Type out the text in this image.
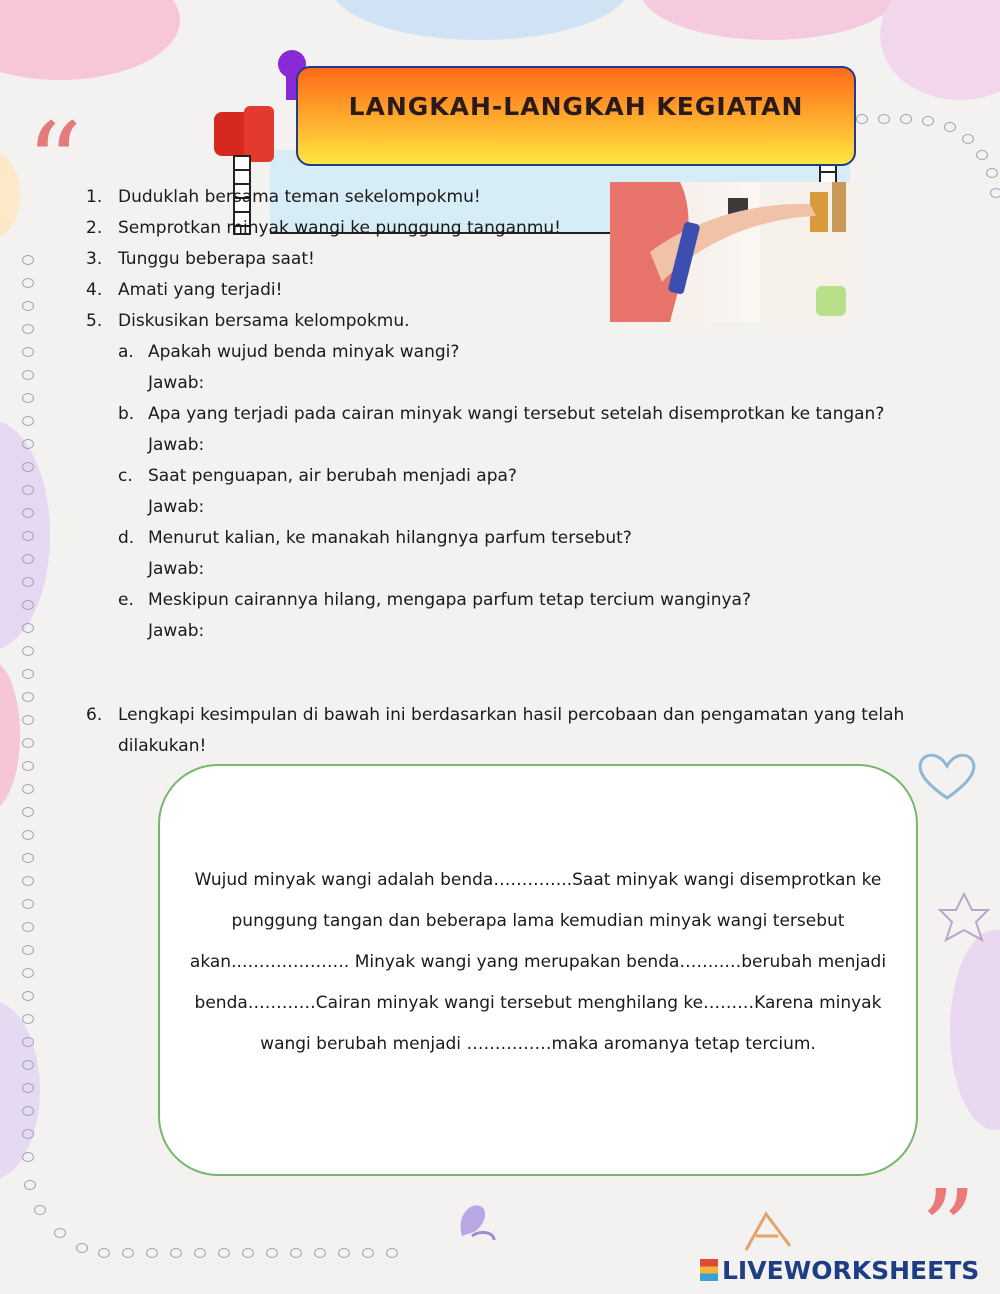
“
”
LANGKAH-LANGKAH KEGIATAN
1. Duduklah bersama teman sekelompokmu!
2. Semprotkan minyak wangi ke punggung tanganmu!
3. Tunggu beberapa saat!
4. Amati yang terjadi!
5. Diskusikan bersama kelompokmu.
a. Apakah wujud benda minyak wangi?
Jawab:
b. Apa yang terjadi pada cairan minyak wangi tersebut setelah disemprotkan ke tangan?
Jawab:
c. Saat penguapan, air berubah menjadi apa?
Jawab:
d. Menurut kalian, ke manakah hilangnya parfum tersebut?
Jawab:
e. Meskipun cairannya hilang, mengapa parfum tetap tercium wanginya?
Jawab:
6. Lengkapi kesimpulan di bawah ini berdasarkan hasil percobaan dan pengamatan yang telah
dilakukan!
Wujud minyak wangi adalah benda…………..Saat minyak wangi disemprotkan ke
punggung tangan dan beberapa lama kemudian minyak wangi tersebut
akan..………………. Minyak wangi yang merupakan benda……..…berubah menjadi
benda…………Cairan minyak wangi tersebut menghilang ke………Karena minyak
wangi berubah menjadi ……………maka aromanya tetap tercium.
LIVEWORKSHEETS
